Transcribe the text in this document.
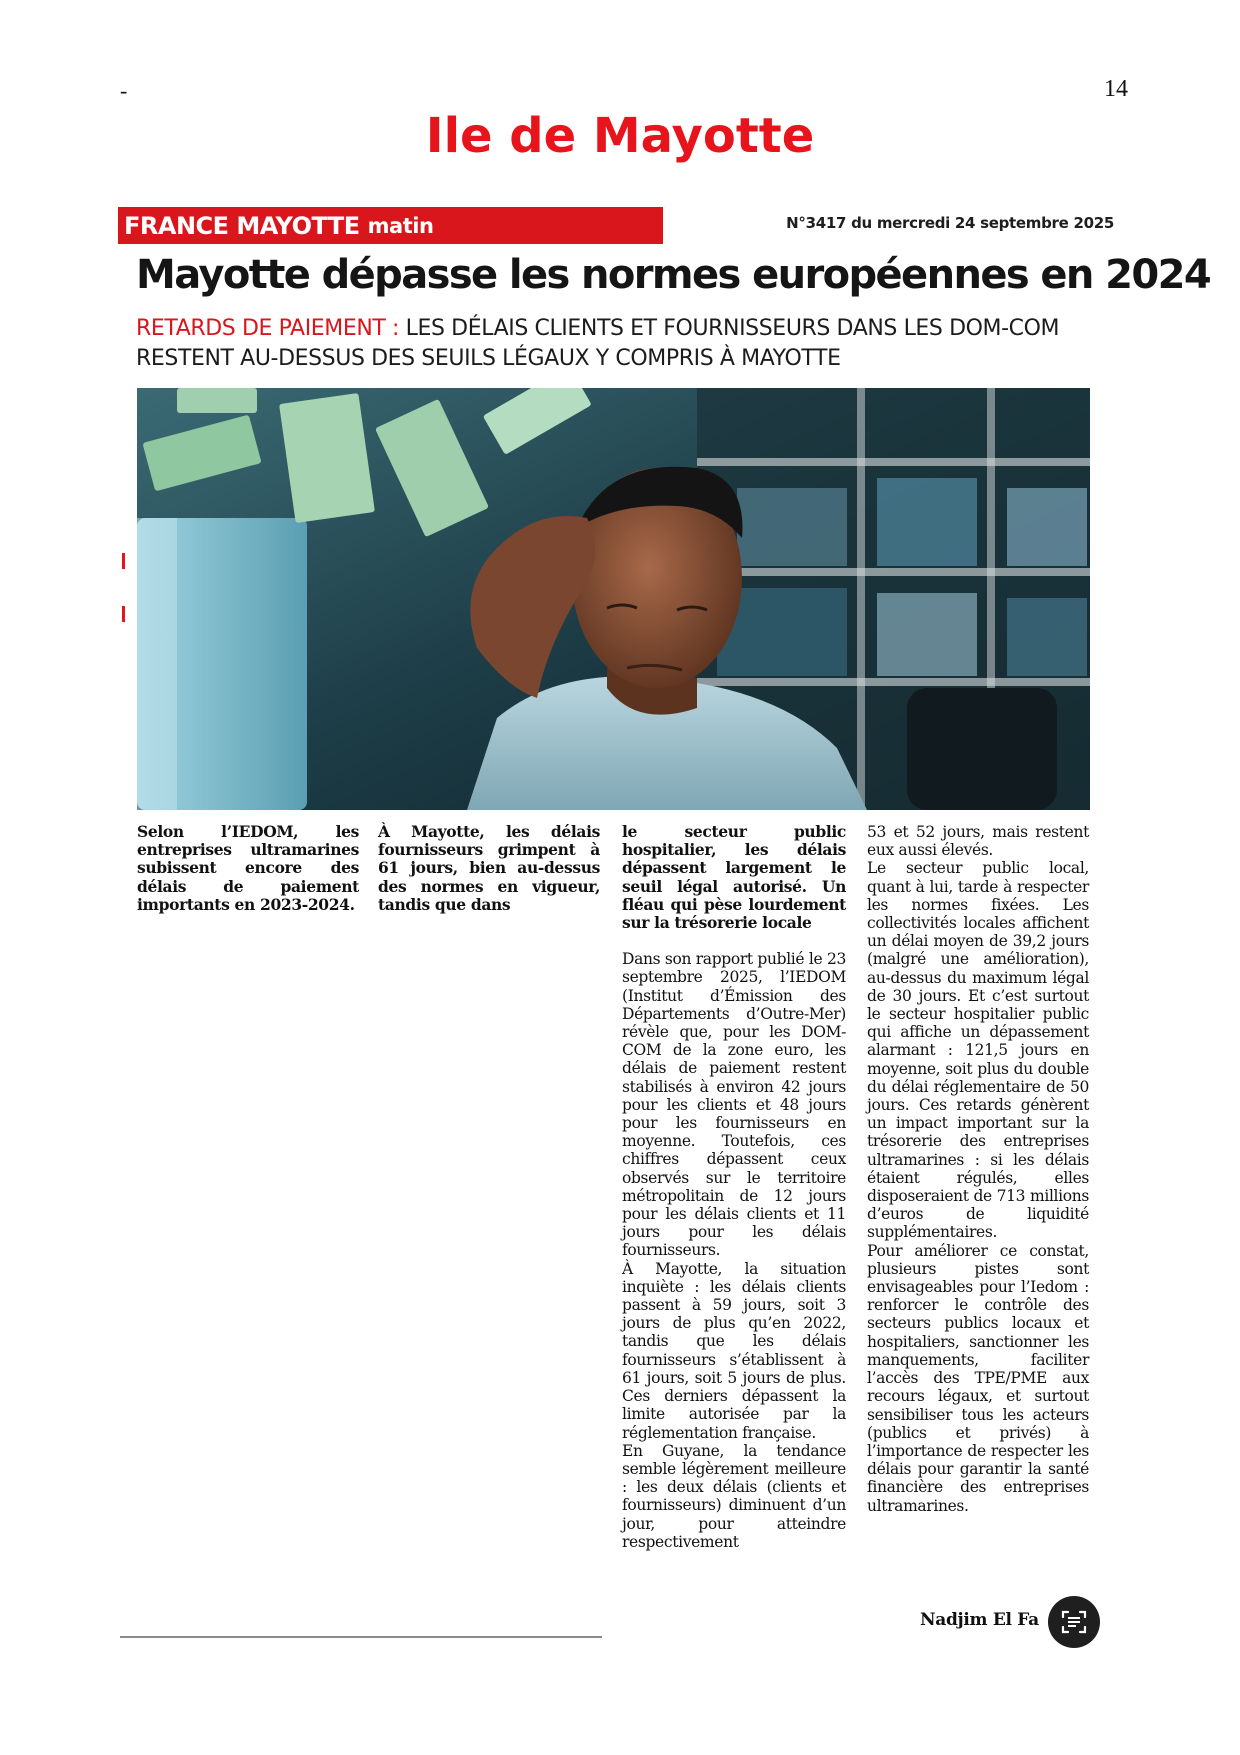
-	14
Ile de Mayotte
FRANCE MAYOTTE matin	N°3417 du mercredi 24 septembre 2025
Mayotte dépasse les normes européennes en 2024
RETARDS DE PAIEMENT : LES DÉLAIS CLIENTS ET FOURNISSEURS DANS LES DOM-COM RESTENT AU-DESSUS DES SEUILS LÉGAUX Y COMPRIS À MAYOTTE

Selon l’IEDOM, les entreprises ultramarines subissent encore des délais de paiement importants en 2023-2024.

À Mayotte, les délais fournisseurs grimpent à 61 jours, bien au-dessus des normes en vigueur, tandis que dans

le secteur public hospitalier, les délais dépassent largement le seuil légal autorisé. Un fléau qui pèse lourdement sur la trésorerie locale

Dans son rapport publié le 23 septembre 2025, l’IEDOM (Institut d’Émission des Départements d’Outre-Mer) révèle que, pour les DOM-COM de la zone euro, les délais de paiement restent stabilisés à environ 42 jours pour les clients et 48 jours pour les fournisseurs en moyenne. Toutefois, ces chiffres dépassent ceux observés sur le territoire métropolitain de 12 jours pour les délais clients et 11 jours pour les délais fournisseurs.

À Mayotte, la situation inquiète : les délais clients passent à 59 jours, soit 3 jours de plus qu’en 2022, tandis que les délais fournisseurs s’établissent à 61 jours, soit 5 jours de plus. Ces derniers dépassent la limite autorisée par la réglementation française.

En Guyane, la tendance semble légèrement meilleure : les deux délais (clients et fournisseurs) diminuent d’un jour, pour atteindre respectivement

53 et 52 jours, mais restent eux aussi élevés.

Le secteur public local, quant à lui, tarde à respecter les normes fixées. Les collectivités locales affichent un délai moyen de 39,2 jours (malgré une amélioration), au-dessus du maximum légal de 30 jours. Et c’est surtout le secteur hospitalier public qui affiche un dépassement alarmant : 121,5 jours en moyenne, soit plus du double du délai réglementaire de 50 jours. Ces retards génèrent un impact important sur la trésorerie des entreprises ultramarines : si les délais étaient régulés, elles disposeraient de 713 millions d’euros de liquidité supplémentaires.

Pour améliorer ce constat, plusieurs pistes sont envisageables pour l’Iedom : renforcer le contrôle des secteurs publics locaux et hospitaliers, sanctionner les manquements, faciliter l’accès des TPE/PME aux recours légaux, et surtout sensibiliser tous les acteurs (publics et privés) à l’importance de respecter les délais pour garantir la santé financière des entreprises ultramarines.

Nadjim El Fa
